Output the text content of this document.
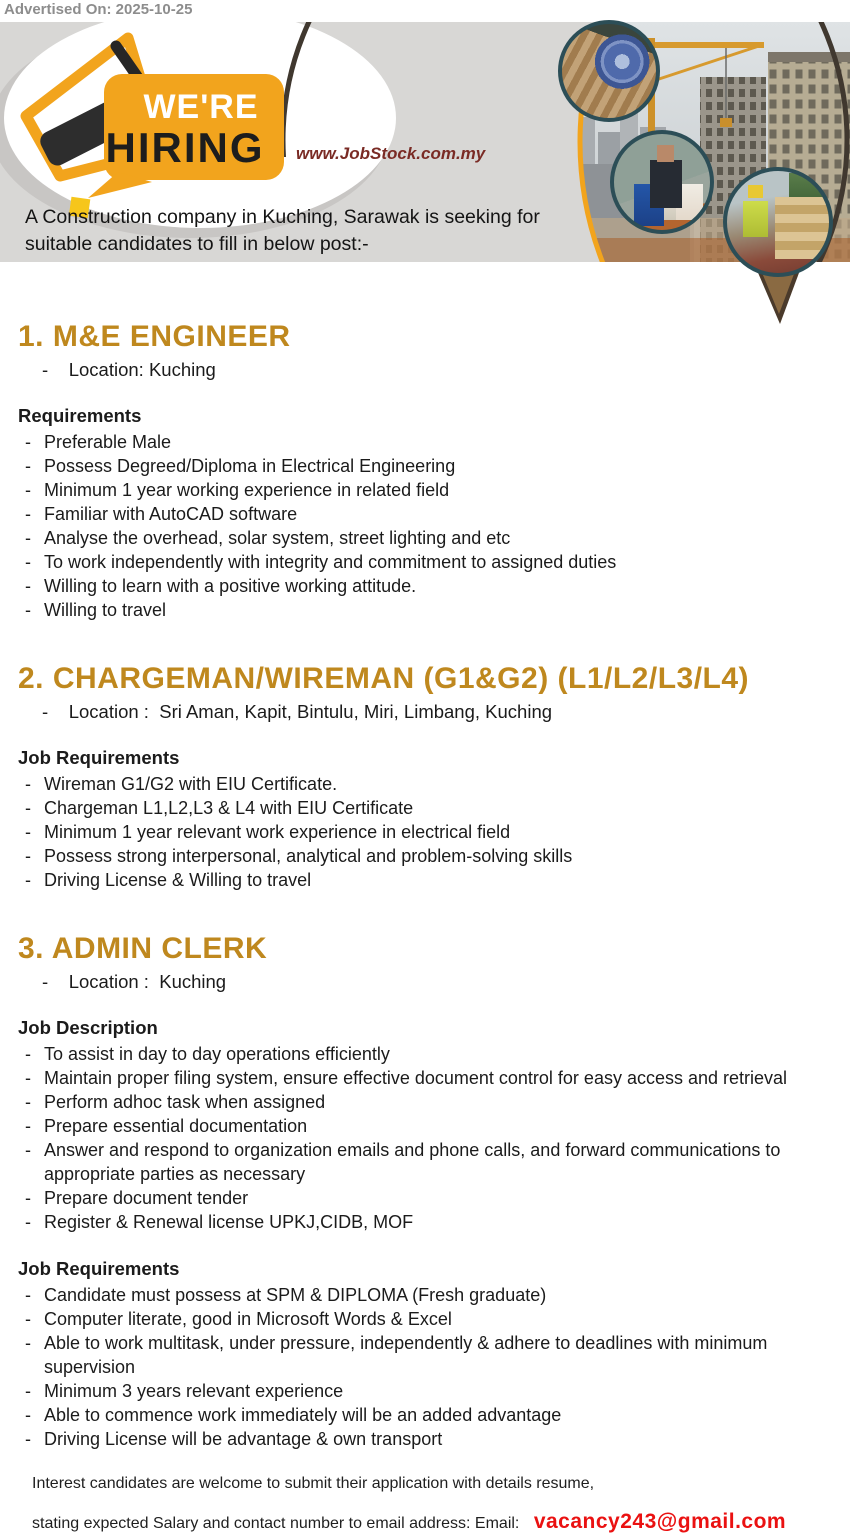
Advertised On: 2025-10-25
WE'RE
HIRING	www.JobStock.com.my
A Construction company in Kuching, Sarawak is seeking for
suitable candidates to fill in below post:-
1. M&E ENGINEER
-    Location: Kuching
Requirements
- Preferable Male
- Possess Degreed/Diploma in Electrical Engineering
- Minimum 1 year working experience in related field
- Familiar with AutoCAD software
- Analyse the overhead, solar system, street lighting and etc
- To work independently with integrity and commitment to assigned duties
- Willing to learn with a positive working attitude.
- Willing to travel
2. CHARGEMAN/WIREMAN (G1&G2) (L1/L2/L3/L4)
-    Location :  Sri Aman, Kapit, Bintulu, Miri, Limbang, Kuching
Job Requirements
- Wireman G1/G2 with EIU Certificate.
- Chargeman L1,L2,L3 & L4 with EIU Certificate
- Minimum 1 year relevant work experience in electrical field
- Possess strong interpersonal, analytical and problem-solving skills
- Driving License & Willing to travel
3. ADMIN CLERK
-    Location :  Kuching
Job Description
- To assist in day to day operations efficiently
- Maintain proper filing system, ensure effective document control for easy access and retrieval
- Perform adhoc task when assigned
- Prepare essential documentation
- Answer and respond to organization emails and phone calls, and forward communications to appropriate parties as necessary
- Prepare document tender
- Register & Renewal license UPKJ,CIDB, MOF
Job Requirements
- Candidate must possess at SPM & DIPLOMA (Fresh graduate)
- Computer literate, good in Microsoft Words & Excel
- Able to work multitask, under pressure, independently & adhere to deadlines with minimum supervision
- Minimum 3 years relevant experience
- Able to commence work immediately will be an added advantage
- Driving License will be advantage & own transport
Interest candidates are welcome to submit their application with details resume,
stating expected Salary and contact number to email address: Email: vacancy243@gmail.com
